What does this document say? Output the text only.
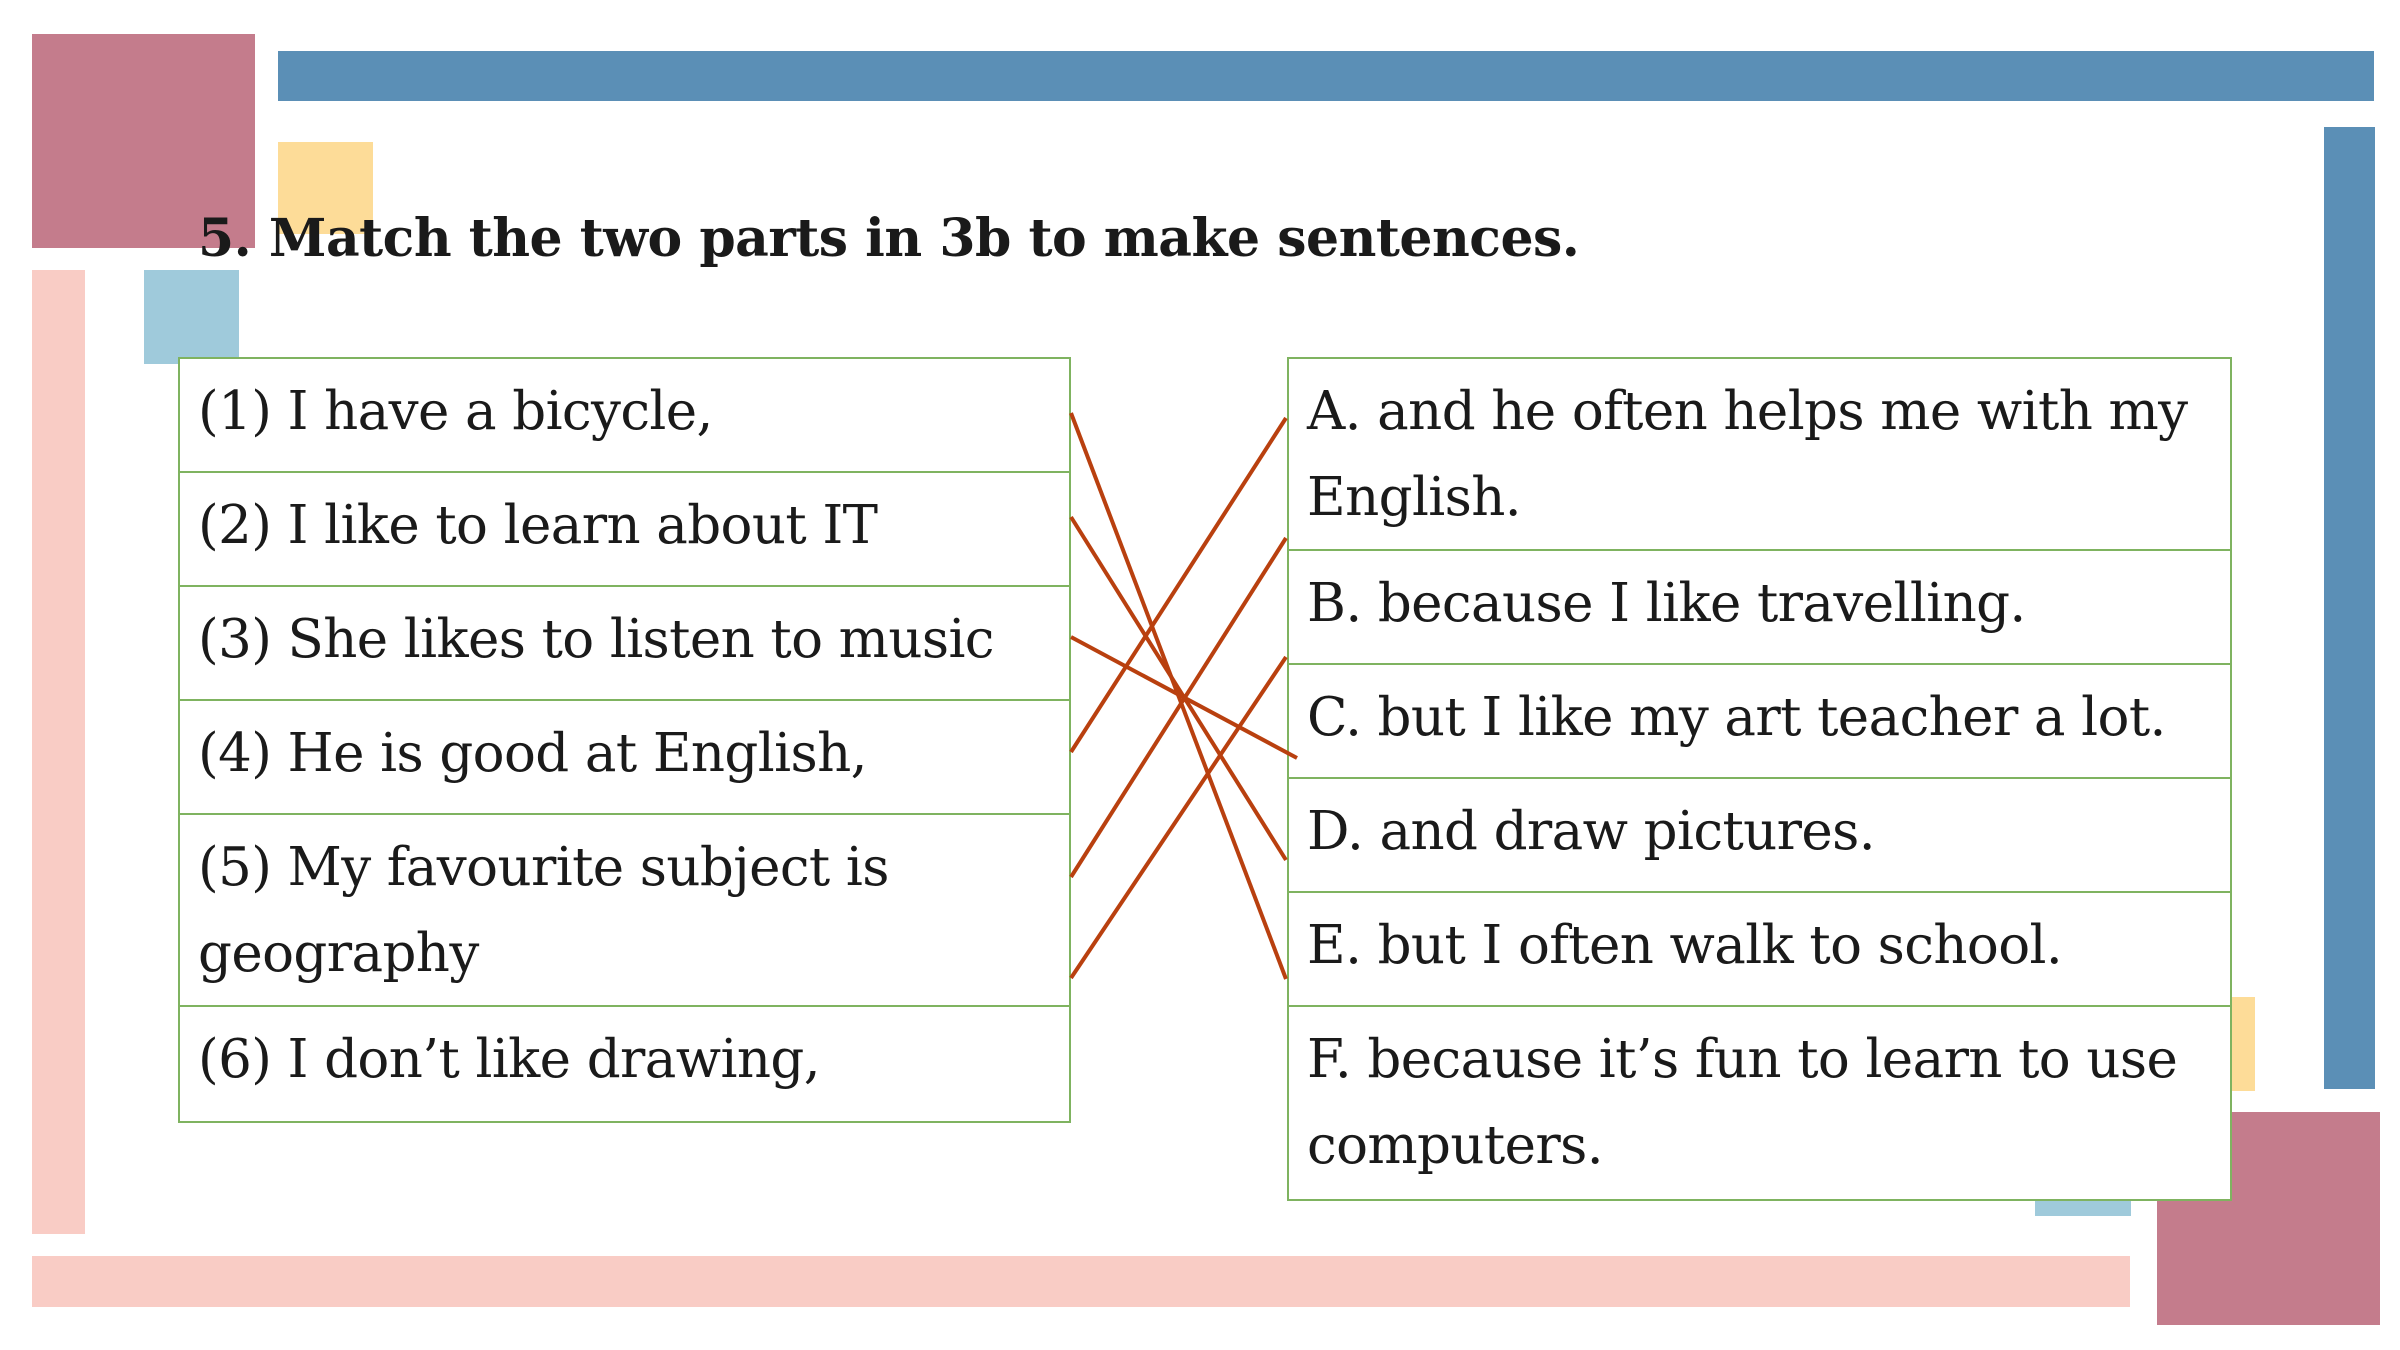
5. Match the two parts in 3b to make sentences.
(1) I have a bicycle,
(2) I like to learn about IT
(3) She likes to listen to music
(4) He is good at English,
(5) My favourite subject is geography
(6) I don’t like drawing,
A. and he often helps me with my English.
B. because I like travelling.
C. but I like my art teacher a lot.
D. and draw pictures.
E. but I often walk to school.
F. because it’s fun to learn to use computers.
